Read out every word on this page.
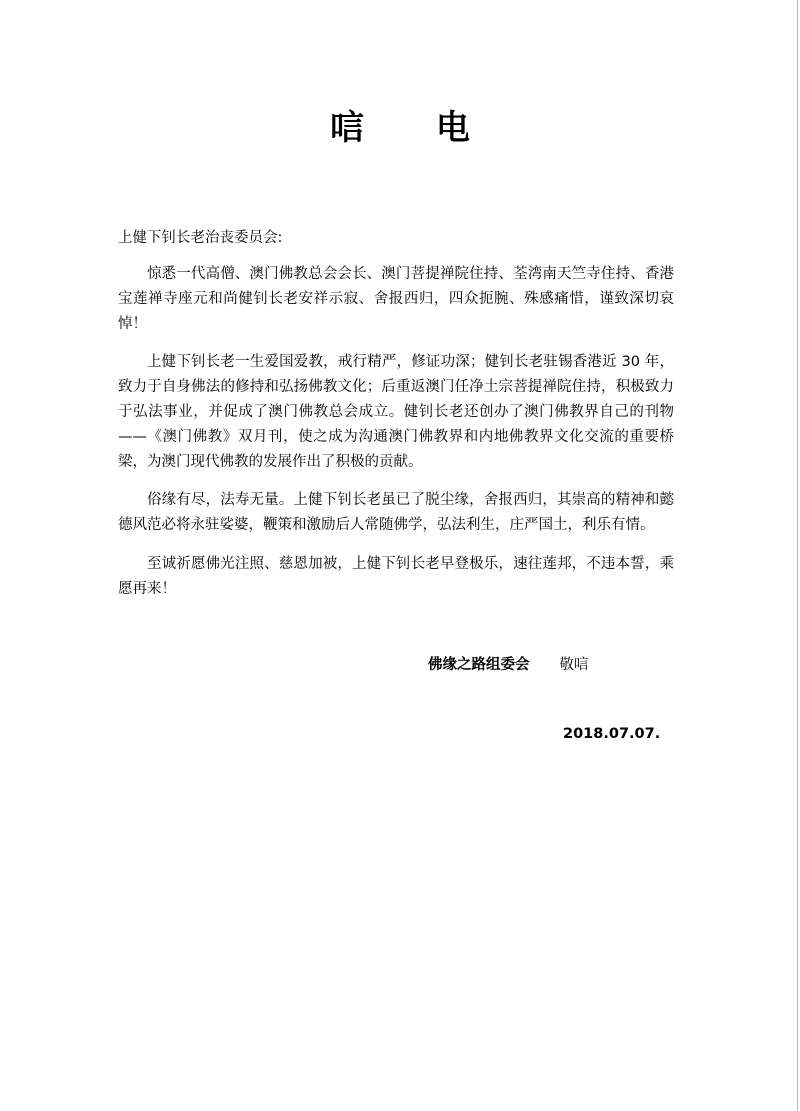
唁 电
上健下钊长老治丧委员会:

惊悉一代高僧、澳门佛教总会会长、澳门菩提禅院住持、荃湾南天竺寺住持、香港宝莲禅寺座元和尚健钊长老安祥示寂、舍报西归，四众扼腕、殊感痛惜，谨致深切哀悼！

上健下钊长老一生爱国爱教，戒行精严，修证功深；健钊长老驻锡香港近 30 年，致力于自身佛法的修持和弘扬佛教文化；后重返澳门任净土宗菩提禅院住持，积极致力于弘法事业，并促成了澳门佛教总会成立。健钊长老还创办了澳门佛教界自己的刊物——《澳门佛教》双月刊，使之成为沟通澳门佛教界和内地佛教界文化交流的重要桥梁，为澳门现代佛教的发展作出了积极的贡献。

俗缘有尽，法寿无量。上健下钊长老虽已了脱尘缘，舍报西归，其崇高的精神和懿德风范必将永驻娑婆，鞭策和激励后人常随佛学，弘法利生，庄严国土，利乐有情。

至诚祈愿佛光注照、慈恩加被，上健下钊长老早登极乐，速往莲邦，不违本誓，乘愿再来！

佛缘之路组委会 敬唁
2018.07.07.
